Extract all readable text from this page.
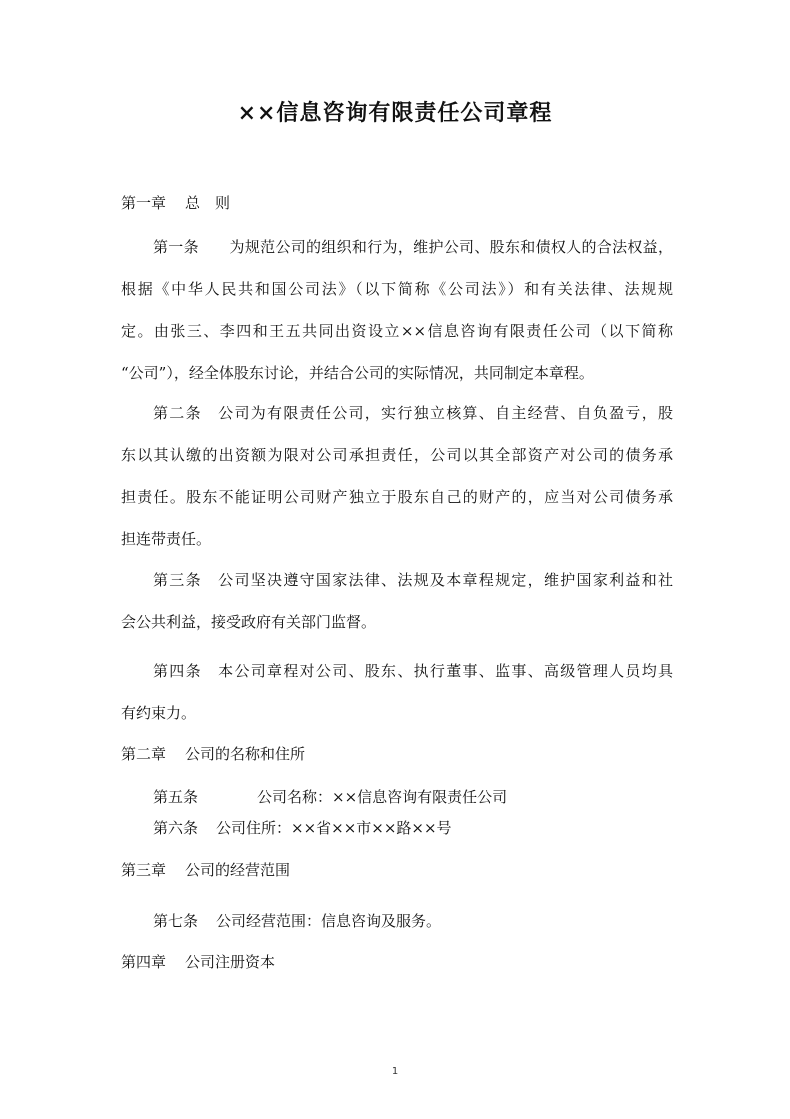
××信息咨询有限责任公司章程
第一章 总　则
第一条　　为规范公司的组织和行为，维护公司、股东和债权人的合法权益，
根据《中华人民共和国公司法》（以下简称《公司法》）和有关法律、法规规
定。由张三、李四和王五共同出资设立××信息咨询有限责任公司（以下简称
“公司”），经全体股东讨论，并结合公司的实际情况，共同制定本章程。
第二条　公司为有限责任公司，实行独立核算、自主经营、自负盈亏，股
东以其认缴的出资额为限对公司承担责任，公司以其全部资产对公司的债务承
担责任。股东不能证明公司财产独立于股东自己的财产的，应当对公司债务承
担连带责任。
第三条　公司坚决遵守国家法律、法规及本章程规定，维护国家利益和社
会公共利益，接受政府有关部门监督。
第四条　本公司章程对公司、股东、执行董事、监事、高级管理人员均具
有约束力。
第二章 公司的名称和住所
第五条	公司名称：××信息咨询有限责任公司
第六条 公司住所：××省××市××路××号
第三章 公司的经营范围
第七条 公司经营范围：信息咨询及服务。
第四章 公司注册资本
1
